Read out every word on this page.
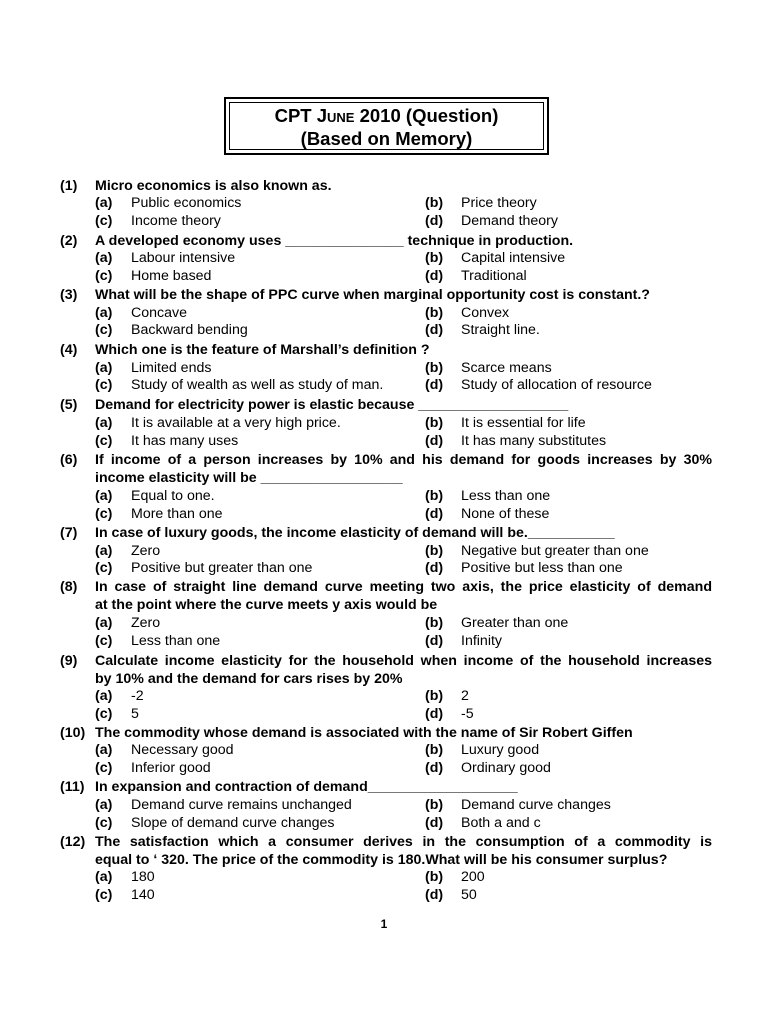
CPT JUNE 2010 (Question)
(Based on Memory)
(1) Micro economics is also known as.
(a) Public economics	(b) Price theory
(c) Income theory	(d) Demand theory
(2) A developed economy uses _______________ technique in production.
(a) Labour intensive	(b) Capital intensive
(c) Home based	(d) Traditional
(3) What will be the shape of PPC curve when marginal opportunity cost is constant.?
(a) Concave	(b) Convex
(c) Backward bending	(d) Straight line.
(4) Which one is the feature of Marshall’s definition ?
(a) Limited ends	(b) Scarce means
(c) Study of wealth as well as study of man.	(d) Study of allocation of resource
(5) Demand for electricity power is elastic because ___________________
(a) It is available at a very high price.	(b) It is essential for life
(c) It has many uses	(d) It has many substitutes
(6) If income of a person increases by 10% and his demand for goods increases by 30%
income elasticity will be __________________
(a) Equal to one.	(b) Less than one
(c) More than one	(d) None of these
(7) In case of luxury goods, the income elasticity of demand will be.___________
(a) Zero	(b) Negative but greater than one
(c) Positive but greater than one	(d) Positive but less than one
(8) In case of straight line demand curve meeting two axis, the price elasticity of demand
at the point where the curve meets y axis would be
(a) Zero	(b) Greater than one
(c) Less than one	(d) Infinity
(9) Calculate income elasticity for the household when income of the household increases
by 10% and the demand for cars rises by 20%
(a) -2	(b) 2
(c) 5	(d) -5
(10) The commodity whose demand is associated with the name of Sir Robert Giffen
(a) Necessary good	(b) Luxury good
(c) Inferior good	(d) Ordinary good
(11) In expansion and contraction of demand___________________
(a) Demand curve remains unchanged	(b) Demand curve changes
(c) Slope of demand curve changes	(d) Both a and c
(12) The satisfaction which a consumer derives in the consumption of a commodity is
equal to ‘ 320. The price of the commodity is 180.What will be his consumer surplus?
(a) 180	(b) 200
(c) 140	(d) 50
1
